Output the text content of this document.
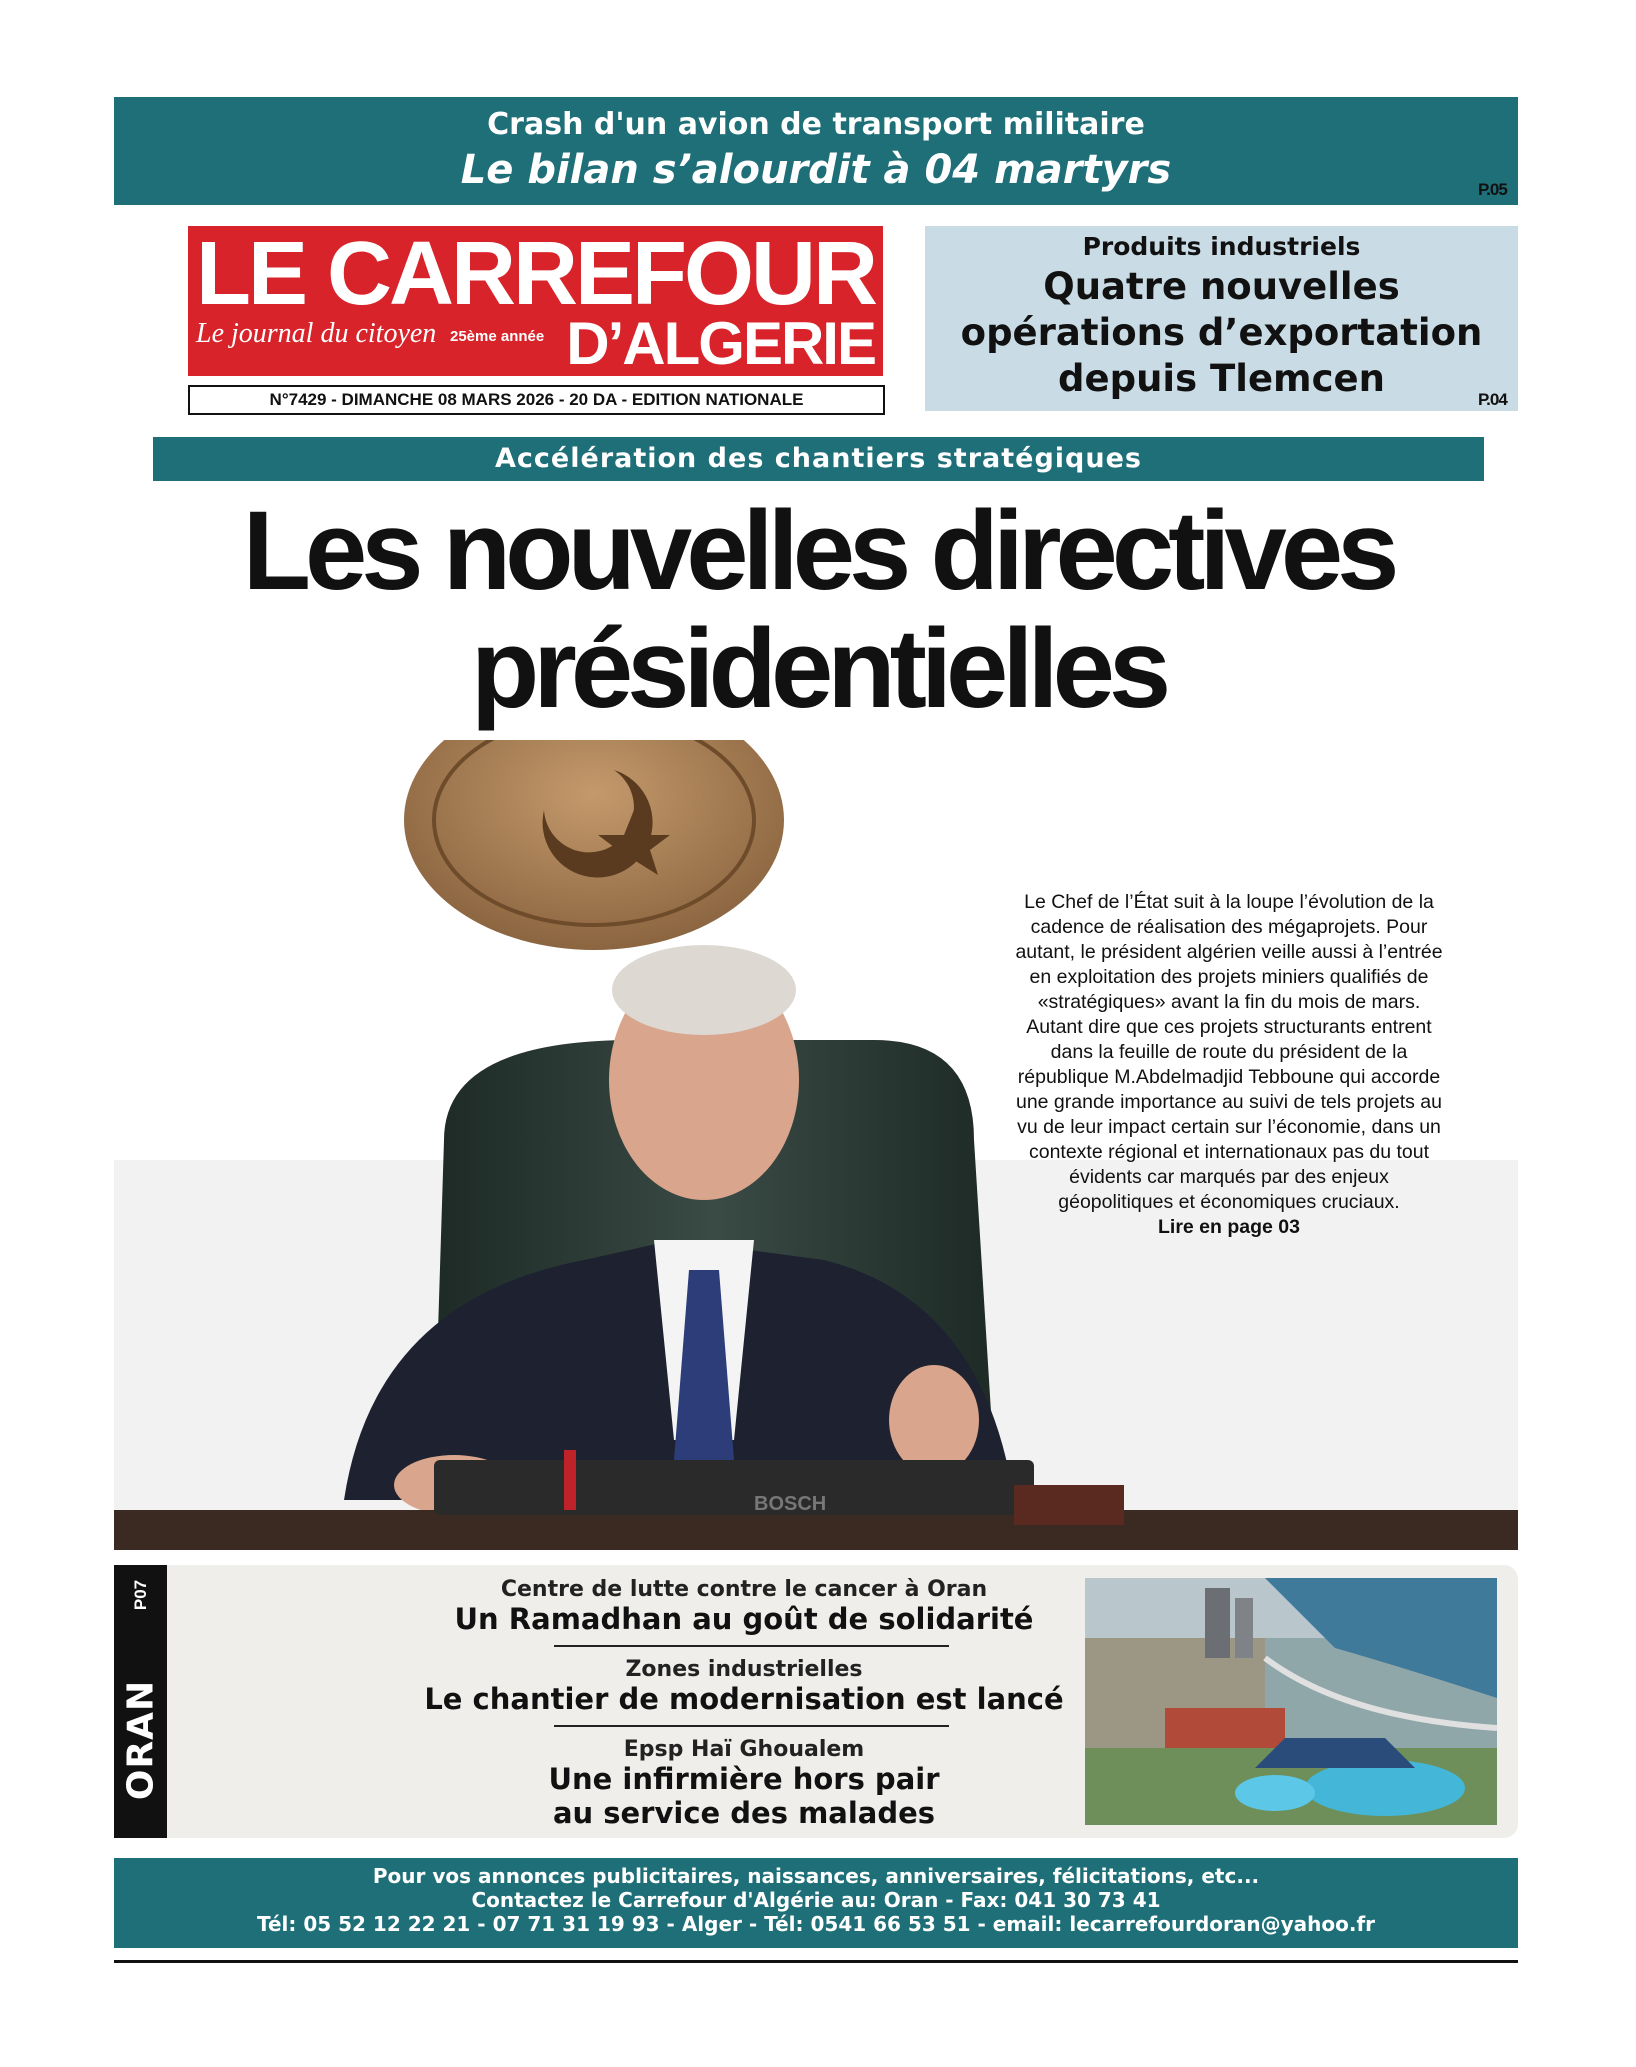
Crash d'un avion de transport militaire
Le bilan s’alourdit à 04 martyrs	P.05
LE CARREFOUR
Le journal du citoyen 25ème année D’ALGERIE
N°7429 - DIMANCHE 08 MARS 2026 - 20 DA - EDITION NATIONALE
Produits industriels
Quatre nouvelles
opérations d’exportation
depuis Tlemcen	P.04
Accélération des chantiers stratégiques
Les nouvelles directives
présidentielles
BOSCH
Le Chef de l’État suit à la loupe l’évolution de la cadence de réalisation des mégaprojets. Pour autant, le président algérien veille aussi à l’entrée en exploitation des projets miniers qualifiés de «stratégiques» avant la fin du mois de mars. Autant dire que ces projets structurants entrent dans la feuille de route du président de la république M.Abdelmadjid Tebboune qui accorde une grande importance au suivi de tels projets au vu de leur impact certain sur l’économie, dans un contexte régional et internationaux pas du tout évidents car marqués par des enjeux géopolitiques et économiques cruciaux.
Lire en page 03
Centre de lutte contre le cancer à Oran
Un Ramadhan au goût de solidarité
Zones industrielles
Le chantier de modernisation est lancé
Epsp Haï Ghoualem
Une infirmière hors pair
au service des malades
P07
ORAN
Pour vos annonces publicitaires, naissances, anniversaires, félicitations, etc...
Contactez le Carrefour d'Algérie au: Oran - Fax: 041 30 73 41
Tél: 05 52 12 22 21 - 07 71 31 19 93 - Alger - Tél: 0541 66 53 51 - email: lecarrefourdoran@yahoo.fr
